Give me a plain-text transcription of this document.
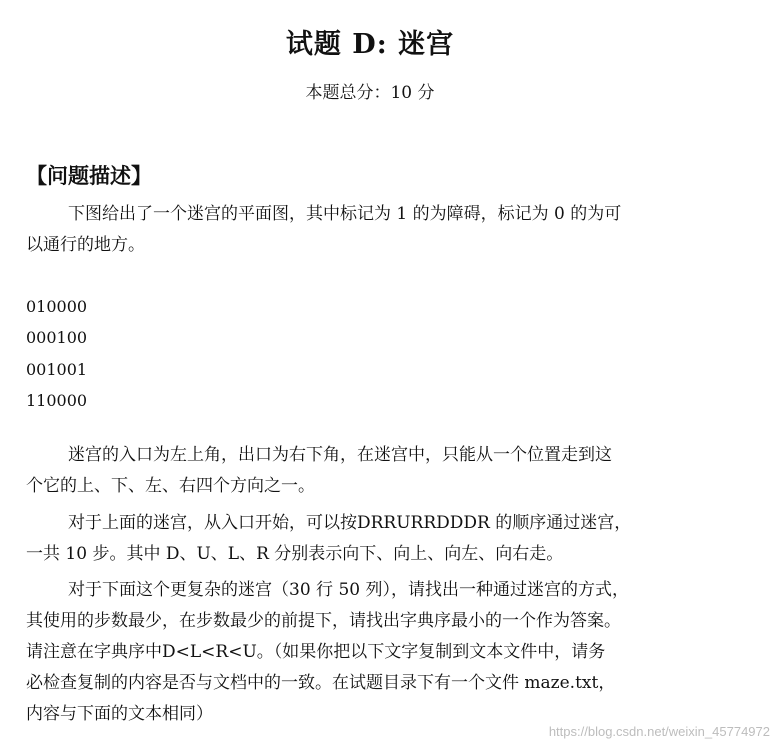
试题 D: 迷宫
本题总分：10 分
【问题描述】

下图给出了一个迷宫的平面图，其中标记为 1 的为障碍，标记为 0 的为可
以通行的地方。

010000
000100
001001
110000

迷宫的入口为左上角，出口为右下角，在迷宫中，只能从一个位置走到这
个它的上、下、左、右四个方向之一。

对于上面的迷宫，从入口开始，可以按DRRURRDDDR 的顺序通过迷宫，
一共 10 步。其中 D、U、L、R 分别表示向下、向上、向左、向右走。

对于下面这个更复杂的迷宫（30 行 50 列），请找出一种通过迷宫的方式，
其使用的步数最少，在步数最少的前提下，请找出字典序最小的一个作为答案。
请注意在字典序中D<L<R<U。（如果你把以下文字复制到文本文件中，请务
必检查复制的内容是否与文档中的一致。在试题目录下有一个文件 maze.txt，
内容与下面的文本相同）

https://blog.csdn.net/weixin_45774972
